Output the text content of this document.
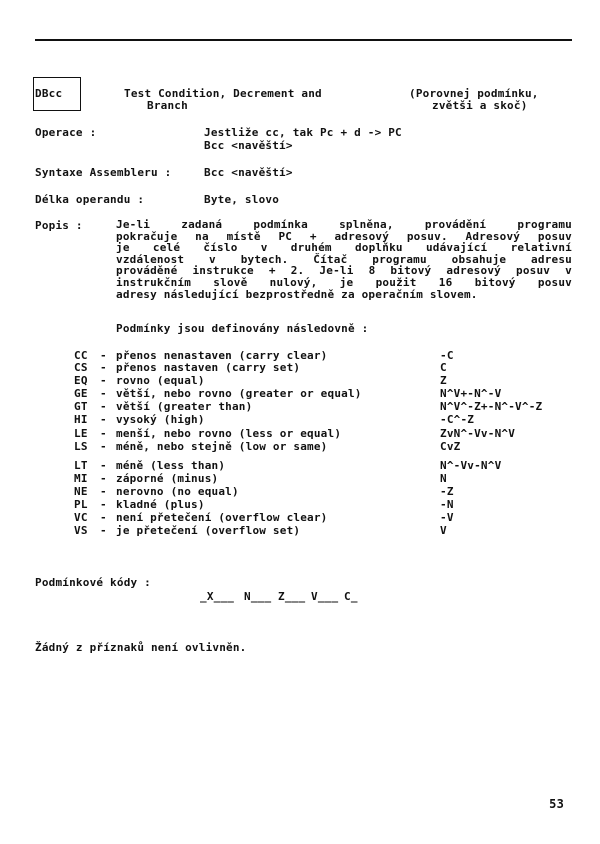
DBcc	Test Condition, Decrement and
Branch
(Porovnej podmínku,
zvětši a skoč)
Operace :	Jestliže cc, tak Pc + d -> PC
Bcc <navěští>
Syntaxe Assembleru :	Bcc <navěští>
Délka operandu :	Byte, slovo
Popis :	Je-li zadaná podmínka splněna, provádění programu
pokračuje na místě PC + adresový posuv. Adresový posuv
je celé číslo v druhém doplňku udávající relativní
vzdálenost v bytech. Čítač programu obsahuje adresu
prováděné instrukce + 2. Je-li 8 bitový adresový posuv v
instrukčním slově nulový, je použit 16 bitový posuv
adresy následující bezprostředně za operačním slovem.
Podmínky jsou definovány následovně :
CC - přenos nenastaven (carry clear)	-C
CS - přenos nastaven (carry set)	C
EQ - rovno (equal)	Z
GE - větší, nebo rovno (greater or equal)	N^V+-N^-V
GT - větší (greater than)	N^V^-Z+-N^-V^-Z
HI - vysoký (high)	-C^-Z
LE - menší, nebo rovno (less or equal)	ZvN^-Vv-N^V
LS - méně, nebo stejně (low or same)	CvZ
LT - méně (less than)	N^-Vv-N^V
MI - záporné (minus)	N
NE - nerovno (no equal)	-Z
PL - kladné (plus)	-N
VC - není přetečení (overflow clear)	-V
VS - je přetečení (overflow set)	V
Podmínkové kódy :
_X___ N___ Z___ V___ C_
Žádný z příznaků není ovlivněn.
53
